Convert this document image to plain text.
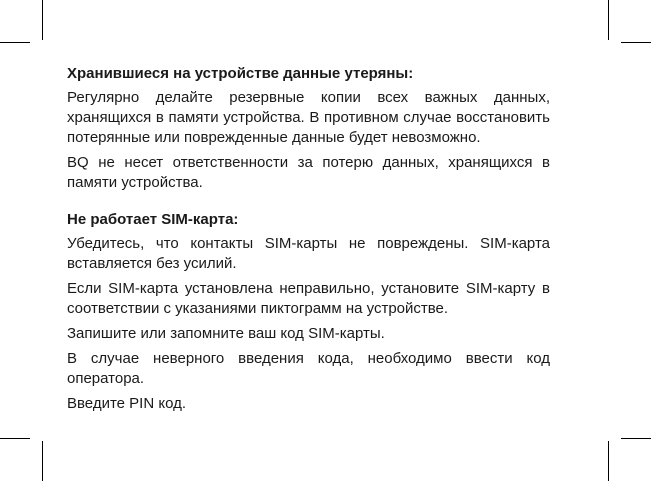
Хранившиеся на устройстве данные утеряны:

Регулярно делайте резервные копии всех важных данных, хранящихся в памяти устройства. В противном случае восстановить потерянные или поврежденные данные будет невозможно.

BQ не несет ответственности за потерю данных, хранящихся в памяти устройства.

Не работает SIM-карта:

Убедитесь, что контакты SIM-карты не повреждены. SIM-карта вставляется без усилий.

Если SIM-карта установлена неправильно, установите SIM-карту в соответствии с указаниями пиктограмм на устройстве.

Запишите или запомните ваш код SIM-карты.

В случае неверного введения кода, необходимо ввести код оператора.

Введите PIN код.
